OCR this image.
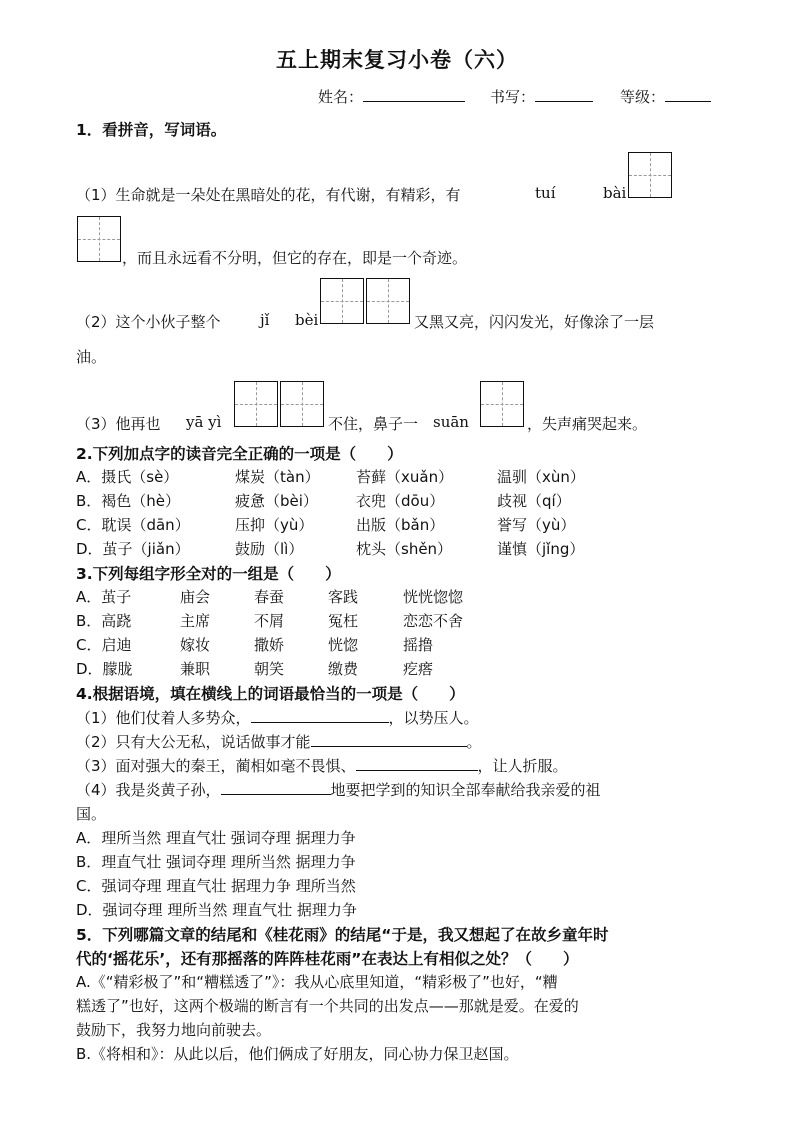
五上期末复习小卷（六）
姓名：	书写：	等级：
1．看拼音，写词语。
（1）生命就是一朵处在黑暗处的花，有代谢，有精彩，有	tuí	bài
，而且永远看不分明，但它的存在，即是一个奇迹。
（2）这个小伙子整个	jǐ bèi	又黑又亮，闪闪发光，好像涂了一层
油。
（3）他再也 yā yì	不住，鼻子一 suān	，失声痛哭起来。
2.下列加点字的读音完全正确的一项是（　　）
A．摄氏（sè）	煤炭（tàn） 苔藓（xuǎn）	温驯（xùn）
B．褐色（hè）	疲惫（bèi）	衣兜（dōu）	歧视（qí）
C．耽误（dān）	压抑（yù）	出版（bǎn）	誉写（yù）
D．茧子（jiǎn）	鼓励（lì）	枕头（shěn）	谨慎（jǐng）
3.下列每组字形全对的一组是（　　）
A．茧子	庙会	春蚕	客践	恍恍惚惚
B．高跷	主席	不屑	冤枉	恋恋不舍
C．启迪	嫁妆	撒娇	恍惚	摇撸
D．朦胧	兼职	朝笑	缴费	疙瘩
4.根据语境，填在横线上的词语最恰当的一项是（　　）
（1）他们仗着人多势众，	，以势压人。
（2）只有大公无私，说话做事才能	。
（3）面对强大的秦王，蔺相如毫不畏惧、	，让人折服。
（4）我是炎黄子孙，	地要把学到的知识全部奉献给我亲爱的祖
国。
A．理所当然 理直气壮 强词夺理 据理力争
B．理直气壮 强词夺理 理所当然 据理力争
C．强词夺理 理直气壮 据理力争 理所当然
D．强词夺理 理所当然 理直气壮 据理力争
5．下列哪篇文章的结尾和《桂花雨》的结尾“于是，我又想起了在故乡童年时
代的‘摇花乐’，还有那摇落的阵阵桂花雨”在表达上有相似之处？（　　）
A.《“精彩极了”和“糟糕透了”》：我从心底里知道，“精彩极了”也好，“糟
糕透了”也好，这两个极端的断言有一个共同的出发点——那就是爱。在爱的
鼓励下，我努力地向前驶去。
B.《将相和》：从此以后，他们俩成了好朋友，同心协力保卫赵国。
